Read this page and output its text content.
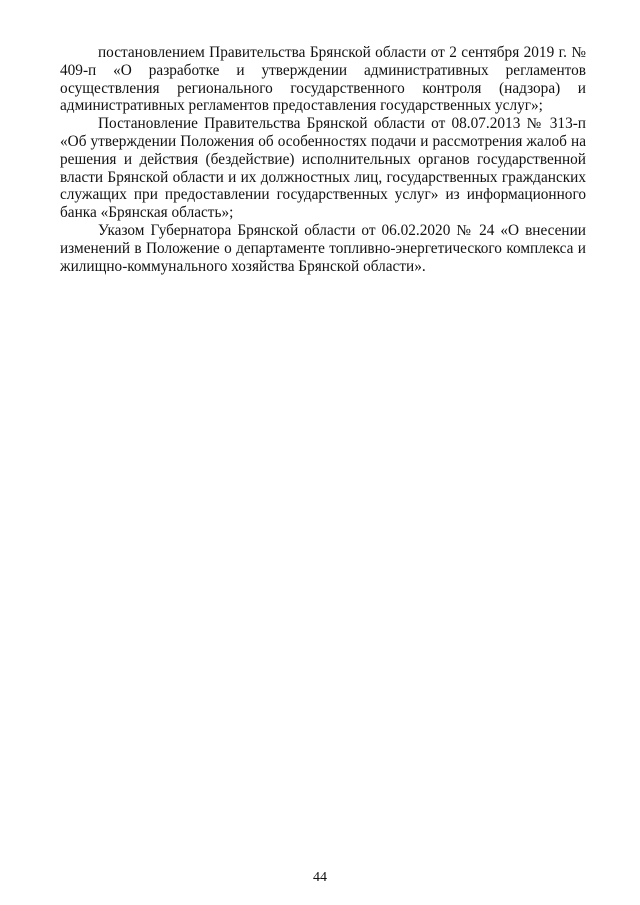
постановлением Правительства Брянской области от 2 сентября 2019 г. № 409-п «О разработке и утверждении административных регламентов осуществления регионального государственного контроля (надзора) и административных регламентов предоставления государственных услуг»;

Постановление Правительства Брянской области от 08.07.2013 № 313-п «Об утверждении Положения об особенностях подачи и рассмотрения жалоб на решения и действия (бездействие) исполнительных органов государственной власти Брянской области и их должностных лиц, государственных гражданских служащих при предоставлении государственных услуг» из информационного банка «Брянская область»;

Указом Губернатора Брянской области от 06.02.2020 № 24 «О внесении изменений в Положение о департаменте топливно-энергетического комплекса и жилищно-коммунального хозяйства Брянской области».

44
